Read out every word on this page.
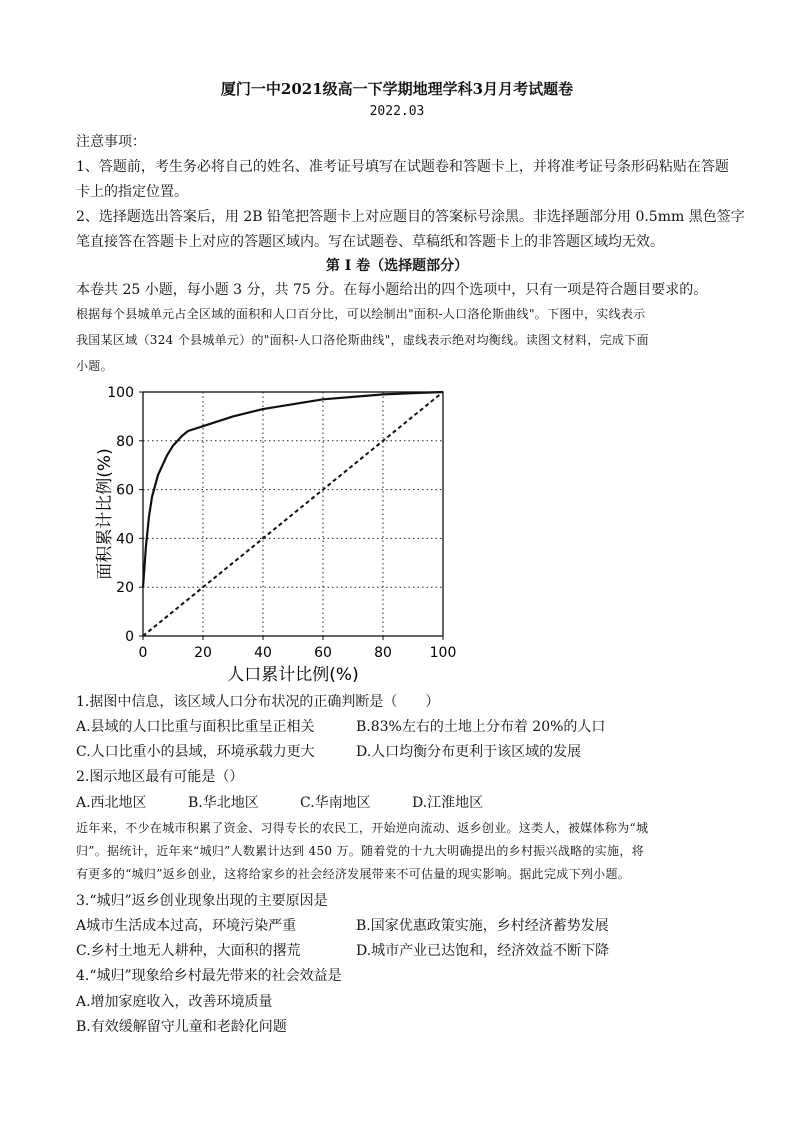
厦门一中2021级高一下学期地理学科3月月考试题卷
2022.03
注意事项：
1、答题前，考生务必将自己的姓名、准考证号填写在试题卷和答题卡上，并将准考证号条形码粘贴在答题
卡上的指定位置。
2、选择题选出答案后，用 2B 铅笔把答题卡上对应题目的答案标号涂黑。非选择题部分用 0.5mm 黑色签字
笔直接答在答题卡上对应的答题区域内。写在试题卷、草稿纸和答题卡上的非答题区域均无效。
第 I 卷（选择题部分）
本卷共 25 小题，每小题 3 分，共 75 分。在每小题给出的四个选项中，只有一项是符合题目要求的。
根据每个县城单元占全区域的面积和人口百分比，可以绘制出"面积-人口洛伦斯曲线"。下图中，实线表示
我国某区域（324 个县城单元）的"面积-人口洛伦斯曲线"，虚线表示绝对均衡线。读图文材料，完成下面
小题。
0	20	40	60	80	100
0
20
40
60
80
100
人口累计比例(%)
面积累计比例(%)
1.据图中信息，该区域人口分布状况的正确判断是（　　）
A.县域的人口比重与面积比重呈正相关	B.83%左右的土地上分布着 20%的人口
C.人口比重小的县域，环境承载力更大	D.人口均衡分布更利于该区域的发展
2.图示地区最有可能是（）
A.西北地区	B.华北地区	C.华南地区	D.江淮地区
近年来，不少在城市积累了资金、习得专长的农民工，开始逆向流动、返乡创业。这类人，被媒体称为“城
归”。据统计，近年来“城归”人数累计达到 450 万。随着党的十九大明确提出的乡村振兴战略的实施，将
有更多的“城归”返乡创业，这将给家乡的社会经济发展带来不可估量的现实影响。据此完成下列小题。
3.“城归”返乡创业现象出现的主要原因是
A城市生活成本过高，环境污染严重	B.国家优惠政策实施，乡村经济蓄势发展
C.乡村土地无人耕种，大面积的撂荒	D.城市产业已达饱和，经济效益不断下降
4.“城归”现象给乡村最先带来的社会效益是
A.增加家庭收入，改善环境质量
B.有效缓解留守儿童和老龄化问题
